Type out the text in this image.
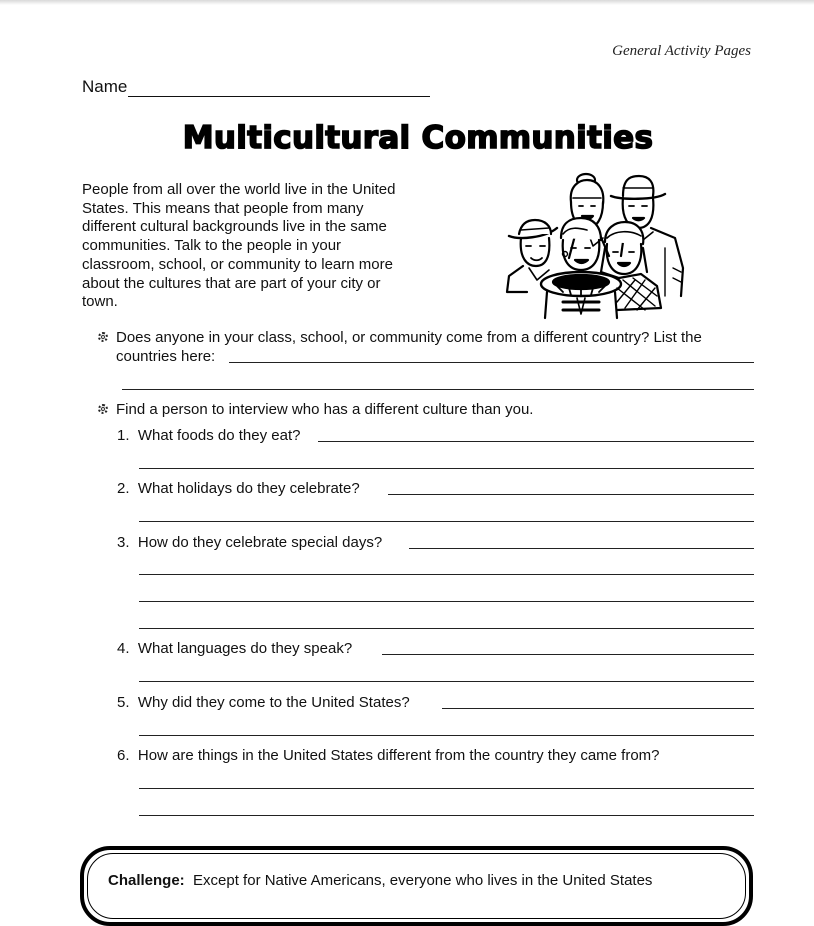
General Activity Pages
Name
Multicultural Communities
People from all over the world live in the United
States. This means that people from many
different cultural backgrounds live in the same
communities. Talk to the people in your
classroom, school, or community to learn more
about the cultures that are part of your city or
town.
Does anyone in your class, school, or community come from a different country? List the
countries here:
Find a person to interview who has a different culture than you.
1. What foods do they eat?
2. What holidays do they celebrate?
3. How do they celebrate special days?
4. What languages do they speak?
5. Why did they come to the United States?
6. How are things in the United States different from the country they came from?
Challenge: Except for Native Americans, everyone who lives in the United States
